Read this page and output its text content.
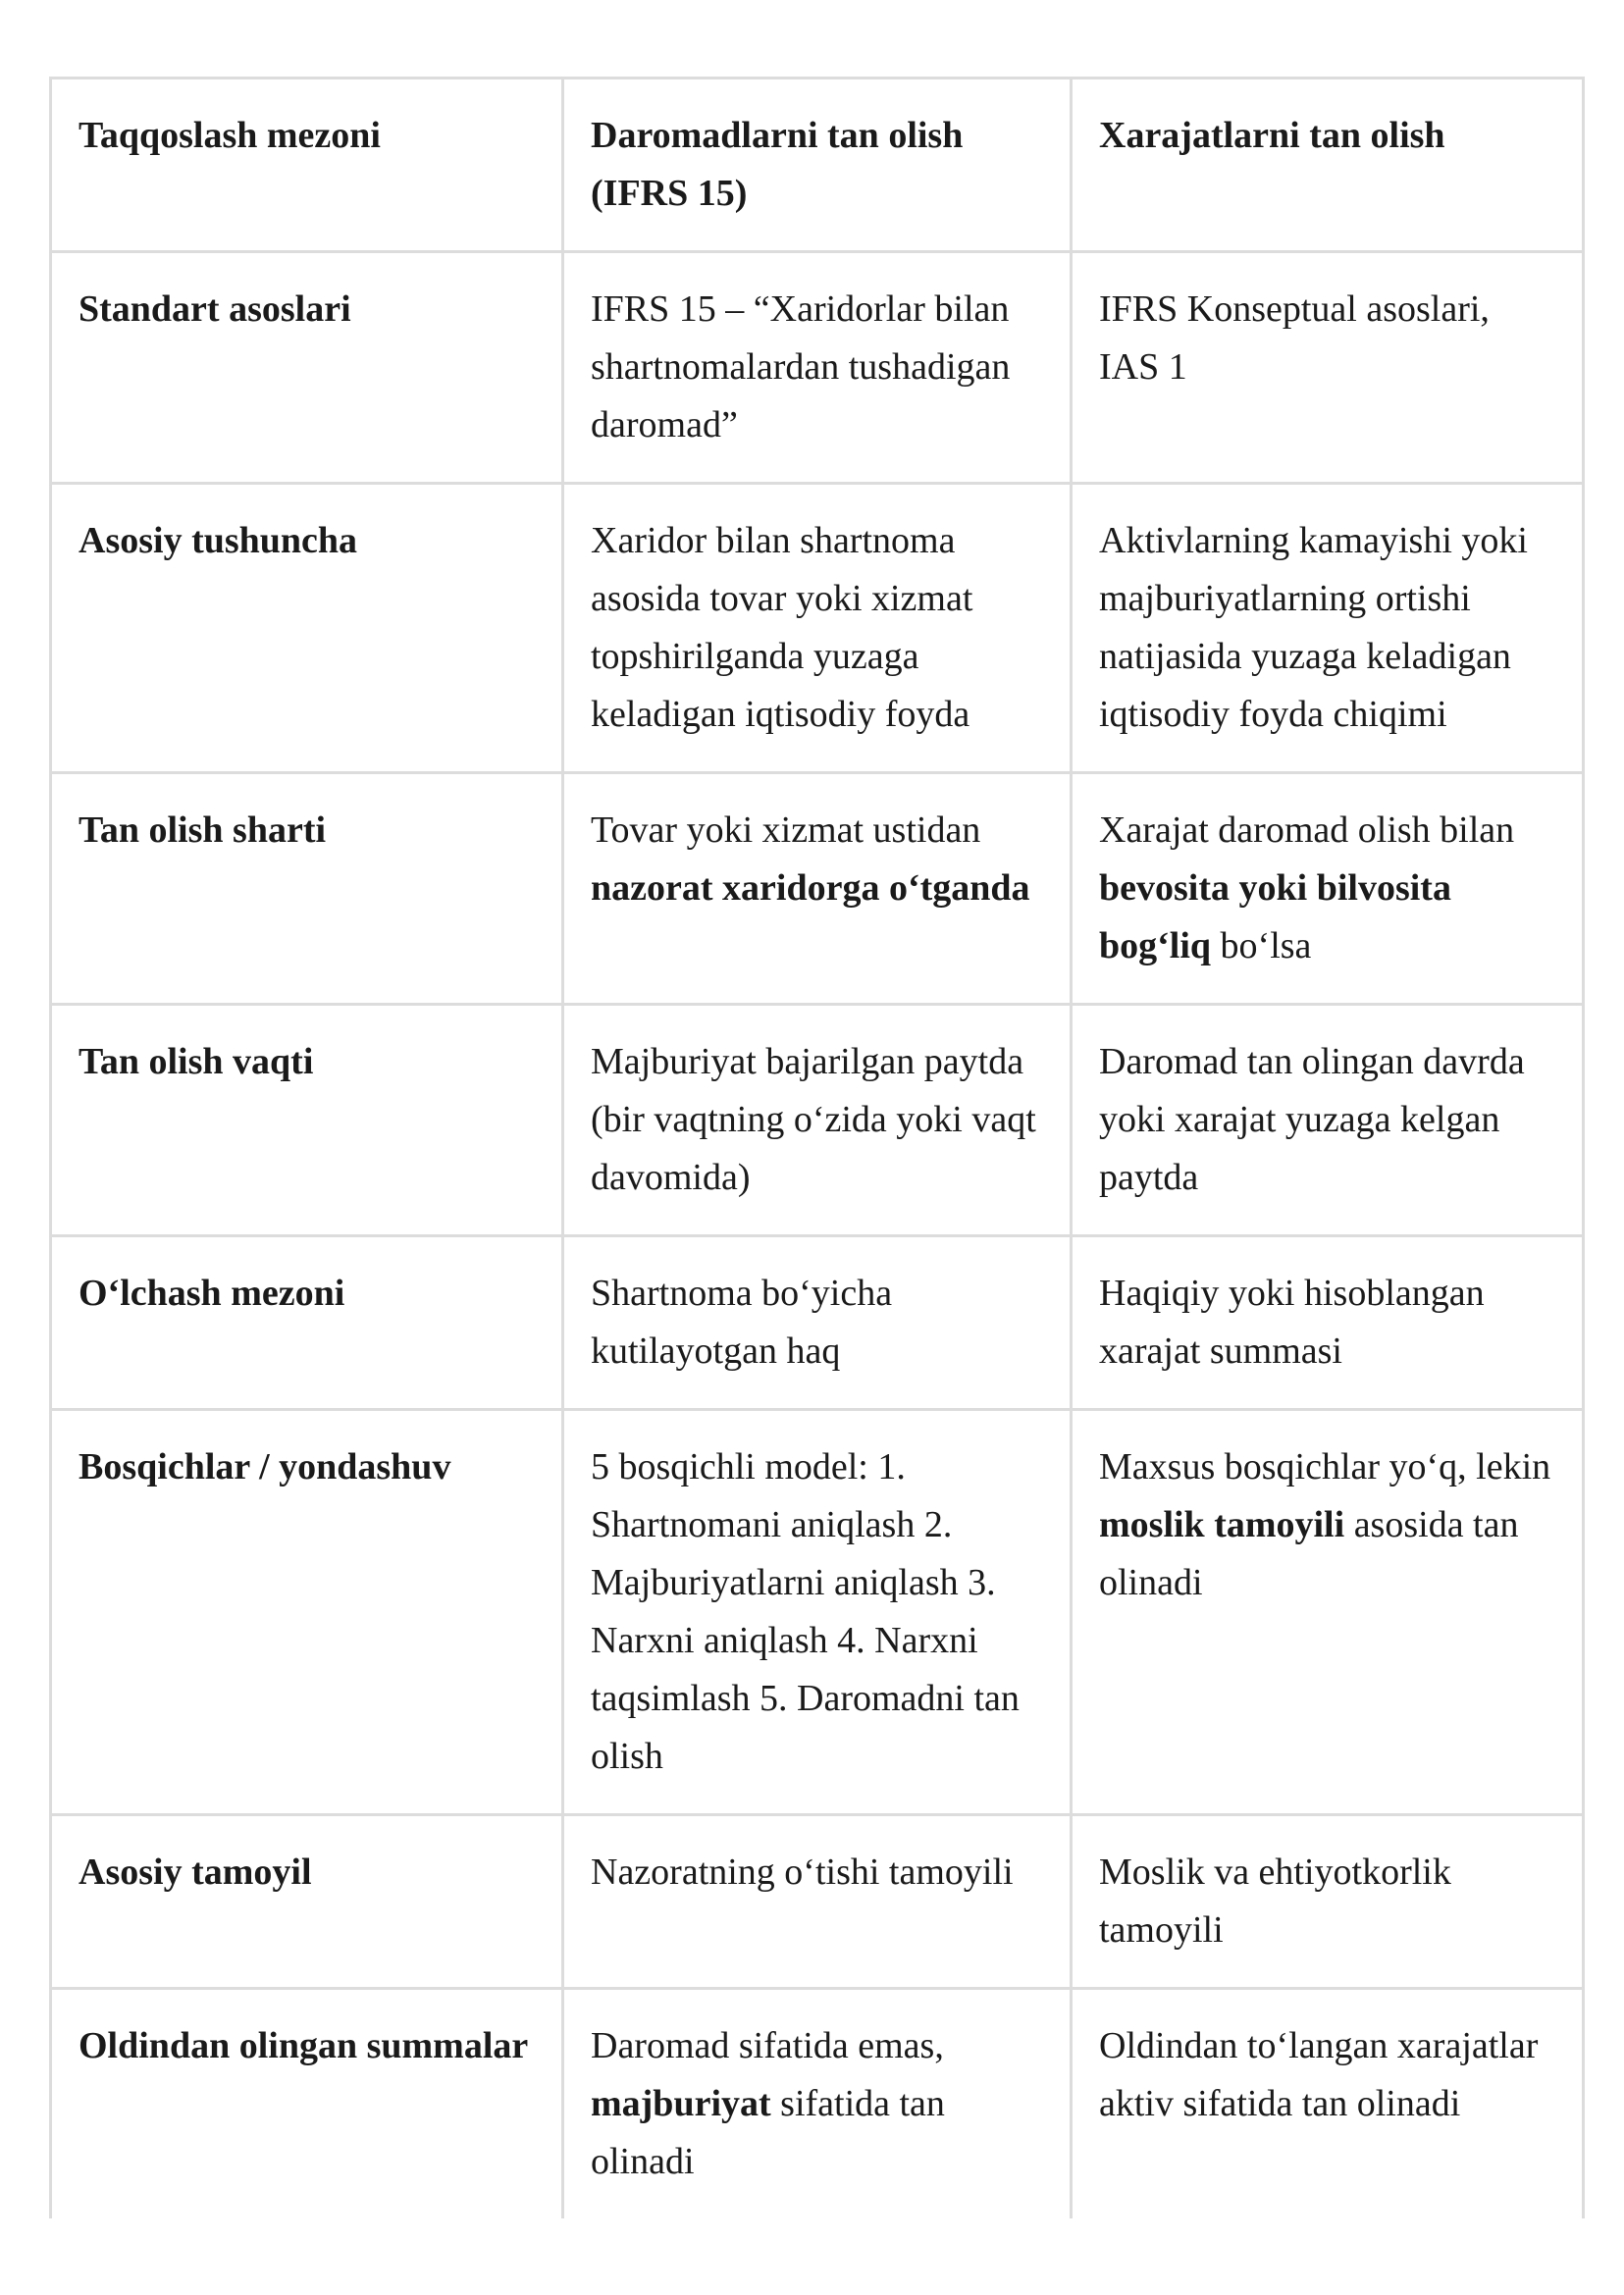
Taqqoslash mezoni	Daromadlarni tan olish (IFRS 15)	Xarajatlarni tan olish
Standart asoslari	IFRS 15 – “Xaridorlar bilan shartnomalardan tushadigan daromad”	IFRS Konseptual asoslari, IAS 1
Asosiy tushuncha	Xaridor bilan shartnoma asosida tovar yoki xizmat topshirilganda yuzaga keladigan iqtisodiy foyda	Aktivlarning kamayishi yoki majburiyatlarning ortishi natijasida yuzaga keladigan iqtisodiy foyda chiqimi
Tan olish sharti	Tovar yoki xizmat ustidan nazorat xaridorga o‘tganda	Xarajat daromad olish bilan bevosita yoki bilvosita bog‘liq bo‘lsa
Tan olish vaqti	Majburiyat bajarilgan paytda (bir vaqtning o‘zida yoki vaqt davomida)	Daromad tan olingan davrda yoki xarajat yuzaga kelgan paytda
O‘lchash mezoni	Shartnoma bo‘yicha kutilayotgan haq	Haqiqiy yoki hisoblangan xarajat summasi
Bosqichlar / yondashuv	5 bosqichli model: 1. Shartnomani aniqlash 2. Majburiyatlarni aniqlash 3. Narxni aniqlash 4. Narxni taqsimlash 5. Daromadni tan olish	Maxsus bosqichlar yo‘q, lekin moslik tamoyili asosida tan olinadi
Asosiy tamoyil	Nazoratning o‘tishi tamoyili	Moslik va ehtiyotkorlik tamoyili
Oldindan olingan summalar	Daromad sifatida emas, majburiyat sifatida tan olinadi	Oldindan to‘langan xarajatlar aktiv sifatida tan olinadi
